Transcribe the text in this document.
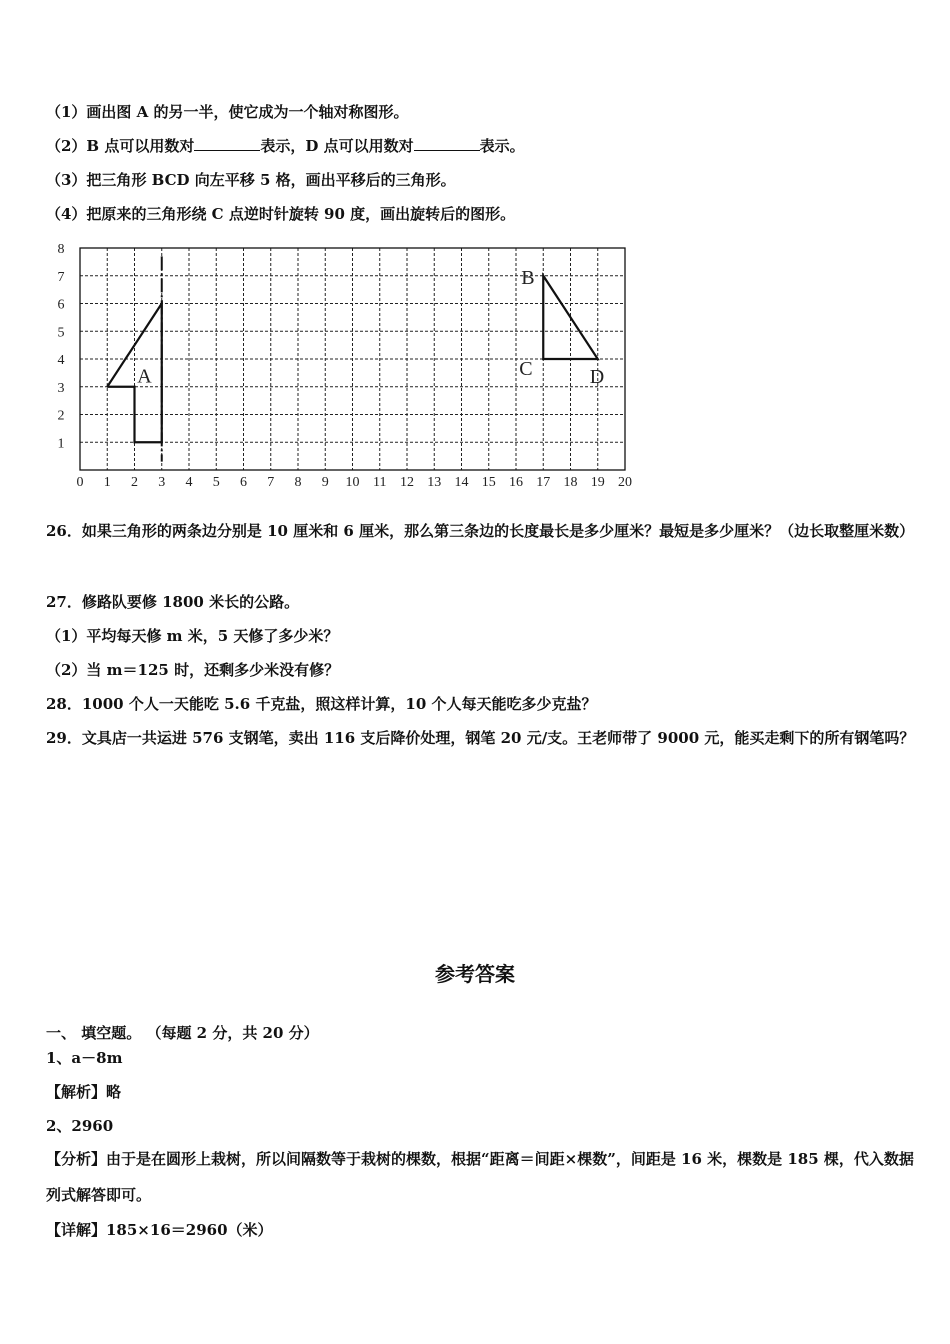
（1）画出图 A 的另一半，使它成为一个轴对称图形。
（2）B 点可以用数对	表示，D 点可以用数对	表示。
（3）把三角形 BCD 向左平移 5 格，画出平移后的三角形。
（4）把原来的三角形绕 C 点逆时针旋转 90 度，画出旋转后的图形。
0 1 2 3 4 5 6 7 8 9 10 11 12 13 14 15 16 17 18 19 20
1
2
3
4
5
6
7
8
A
B
C	D
26．如果三角形的两条边分别是 10 厘米和 6 厘米，那么第三条边的长度最长是多少厘米？最短是多少厘米？（边长取整厘米数）
27．修路队要修 1800 米长的公路。
（1）平均每天修 m 米，5 天修了多少米？
（2）当 m＝125 时，还剩多少米没有修？
28．1000 个人一天能吃 5.6 千克盐，照这样计算，10 个人每天能吃多少克盐？
29．文具店一共运进 576 支钢笔，卖出 116 支后降价处理，钢笔 20 元/支。王老师带了 9000 元，能买走剩下的所有钢笔吗？
参考答案
一、 填空题。 （每题 2 分，共 20 分）
1、a－8m
【解析】略
2、2960
【分析】由于是在圆形上栽树，所以间隔数等于栽树的棵数，根据“距离＝间距×棵数”，间距是 16 米，棵数是 185 棵，代入数据列式解答即可。
【详解】185×16＝2960（米）
